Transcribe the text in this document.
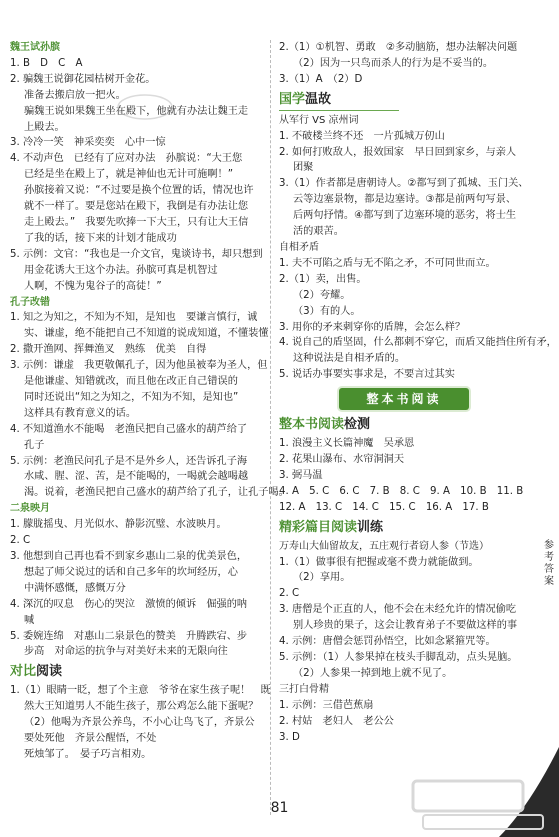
魏王试孙膑
1. B　D　C　A
2. 骗魏王说御花园枯树开金花。
准备去搬启放一把火。
骗魏王说如果魏王坐在殿下，他就有办法让魏王走
上殿去。
3. 冷冷一笑　神采奕奕　心中一惊
4. 不动声色　已经有了应对办法　孙膑说：“大王您
已经是坐在殿上了，就是神仙也无计可施啊！”
孙膑接着又说：“不过要是换个位置的话，情况也许
就不一样了。要是您站在殿下，我倒是有办法让您
走上殿去。”　我要先吹捧一下大王，只有让大王信
了我的话，接下来的计划才能成功
5. 示例：文官：“我也是一介文官，鬼谈诗书，却只想到
用金花诱大王这个办法。孙膑可真是机智过
人啊，不愧为鬼谷子的高徒！”
孔子改错
1. 知之为知之，不知为不知，是知也　要谦言慎行，诚
实、谦虚，绝不能把自己不知道的说成知道，不懂装懂
2. 撒开渔网、挥舞渔叉　熟练　优美　自得
3. 示例：谦虚　我更敬佩孔子，因为他虽被奉为圣人，但
是他谦虚、知错就改，而且他在改正自己错误的
同时还说出“知之为知之，不知为不知，是知也”
这样具有教育意义的话。
4. 不知道渔水不能喝　老渔民把自己盛水的葫芦给了
孔子
5. 示例：老渔民问孔子是不是外乡人，还告诉孔子海
水咸、腥、涩、苦，是不能喝的，一喝就会越喝越
渴。说着，老渔民把自己盛水的葫芦给了孔子，让孔子喝。
二泉映月
1. 朦胧摇曳、月光似水、静影沉璧、水波映月。
2. C
3. 他想到自己再也看不到家乡惠山二泉的优美景色，
想起了师父说过的话和自己多年的坎坷经历，心
中满怀感慨，感慨万分
4. 深沉的叹息　伤心的哭泣　激愤的倾诉　倔强的呐
喊
5. 委婉连绵　对惠山二泉景色的赞美　升腾跌宕、步
步高　对命运的抗争与对美好未来的无限向往
对比阅读
1.（1）眼睛一眨，想了个主意　爷爷在家生孩子呢！　既
然大王知道男人不能生孩子，那公鸡怎么能下蛋呢？
（2）他喝为齐景公养鸟，不小心让鸟飞了，齐景公
要处死他　齐景公醒悟，不处
死烛邹了。　晏子巧言相劝。
2.（1）①机智、勇敢　②多动脑筋，想办法解决问题
（2）因为一只鸟而杀人的行为是不妥当的。
3.（1）A　（2）D
国学温故
从军行 VS 凉州词
1. 不破楼兰终不还　一片孤城万仞山
2. 如何打败敌人，报效国家　早日回到家乡，与亲人
团聚
3.（1）作者都是唐朝诗人。②都写到了孤城、玉门关、
云等边塞景物，都是边塞诗。③都是前两句写景、
后两句抒情。④都写到了边塞环境的恶劣，将士生
活的艰苦。
自相矛盾
1. 夫不可陷之盾与无不陷之矛，不可同世而立。
2.（1）卖，出售。
（2）夸耀。
（3）有的人。
3. 用你的矛来刺穿你的盾牌，会怎么样？
4. 说自己的盾坚固，什么都刺不穿它，而盾又能挡住所有矛，
这种说法是自相矛盾的。
5. 说话办事要实事求是，不要言过其实
整本书阅读
整本书阅读检测
1. 浪漫主义长篇神魔　吴承恩
2. 花果山瀑布、水帘洞洞天
3. 弼马温
4. A　5. C　6. C　7. B　8. C　9. A　10. B　11. B
12. A　13. C　14. C　15. C　16. A　17. B
精彩篇目阅读训练
万寿山大仙留故友，五庄观行者窃人参（节选）
1.（1）做事很有把握或毫不费力就能做到。
（2）享用。
2. C
3. 唐僧是个正直的人，他不会在未经允许的情况偷吃
别人珍贵的果子，这会让教育弟子不要做这样的事
4. 示例：唐僧会惩罚孙悟空，比如念紧箍咒等。
5. 示例：（1）人参果掉在枝头手脚乱动，点头晃脑。
（2）人参果一掉到地上就不见了。
三打白骨精
1. 示例：三借芭蕉扇
2. 村姑　老妇人　老公公
3. D
参
考
答
案
81
